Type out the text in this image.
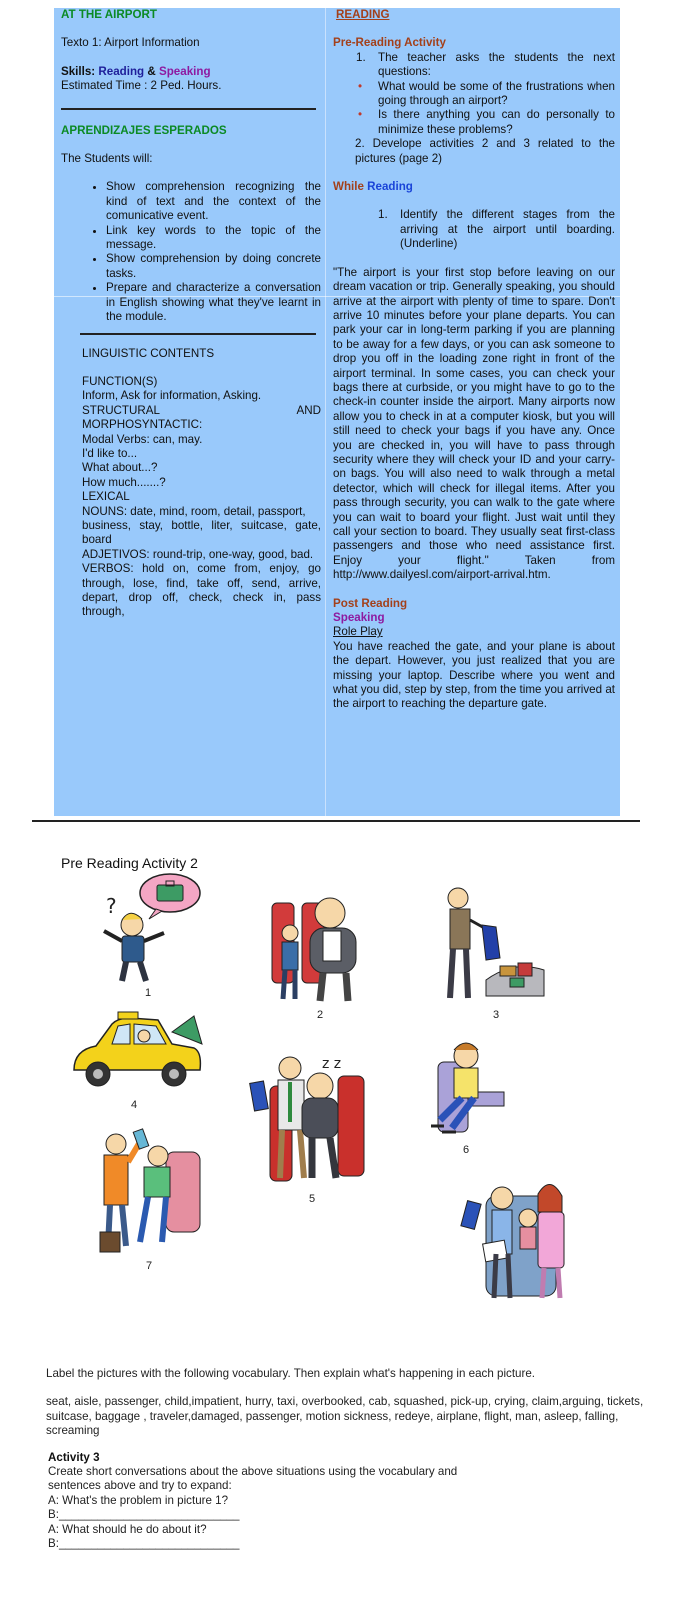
AT THE AIRPORT

Texto 1: Airport Information

Skills: Reading & Speaking

Estimated Time : 2 Ped. Hours.

APRENDIZAJES ESPERADOS

The Students will:

• Show comprehension recognizing the kind of text and the context of the comunicative event.
• Link key words to the topic of the message.
• Show comprehension by doing concrete tasks.
• Prepare and characterize a conversation in English showing what they've learnt in the module.

LINGUISTIC CONTENTS

FUNCTION(S)

Inform, Ask for information, Asking.

STRUCTURAL	AND

MORPHOSYNTACTIC:

Modal Verbs: can, may.

I'd like to...

What about...?

How much.......?

LEXICAL

NOUNS: date, mind, room, detail, passport,

business, stay, bottle, liter, suitcase, gate, board

ADJETIVOS: round-trip, one-way, good, bad.

VERBOS: hold on, come from, enjoy, go through, lose, find, take off, send, arrive, depart, drop off, check, check in, pass through,

READING

Pre-Reading Activity

1. The teacher asks the students the next questions:

• What would be some of the frustrations when going through an airport?
• Is there anything you can do personally to minimize these problems?

2. Develope activities 2 and 3 related to the pictures (page 2)

While Reading

1. Identify the different stages from the arriving at the airport until boarding. (Underline)

"The airport is your first stop before leaving on our dream vacation or trip. Generally speaking, you should arrive at the airport with plenty of time to spare. Don't arrive 10 minutes before your plane departs. You can park your car in long-term parking if you are planning to be away for a few days, or you can ask someone to drop you off in the loading zone right in front of the airport terminal. In some cases, you can check your bags there at curbside, or you might have to go to the check-in counter inside the airport. Many airports now allow you to check in at a computer kiosk, but you will still need to check your bags if you have any. Once you are checked in, you will have to pass through security where they will check your ID and your carry-on bags. You will also need to walk through a metal detector, which will check for illegal items. After you pass through security, you can walk to the gate where you can wait to board your flight. Just wait until they call your section to board. They usually seat first-class passengers and those who need assistance first. Enjoy your flight." Taken from http://www.dailyesl.com/airport-arrival.htm.

Post Reading

Speaking

Role Play

You have reached the gate, and your plane is about the depart. However, you just realized that you are missing your laptop. Describe where you went and what you did, step by step, from the time you arrived at the airport to reaching the departure gate.

Pre Reading Activity 2
?
1
2	3
4
z z
5
6
7

Label the pictures with the following vocabulary. Then explain what's happening in each picture.

seat, aisle, passenger, child,impatient, hurry, taxi, overbooked, cab, squashed, pick-up, crying, claim,arguing, tickets, suitcase, baggage , traveler,damaged, passenger, motion sickness, redeye, airplane, flight, man, asleep, falling, screaming

Activity 3

Create short conversations about the above situations using the vocabulary and sentences above and try to expand:

A: What's the problem in picture 1?

B:____________________________

A: What should he do about it?

B:____________________________
